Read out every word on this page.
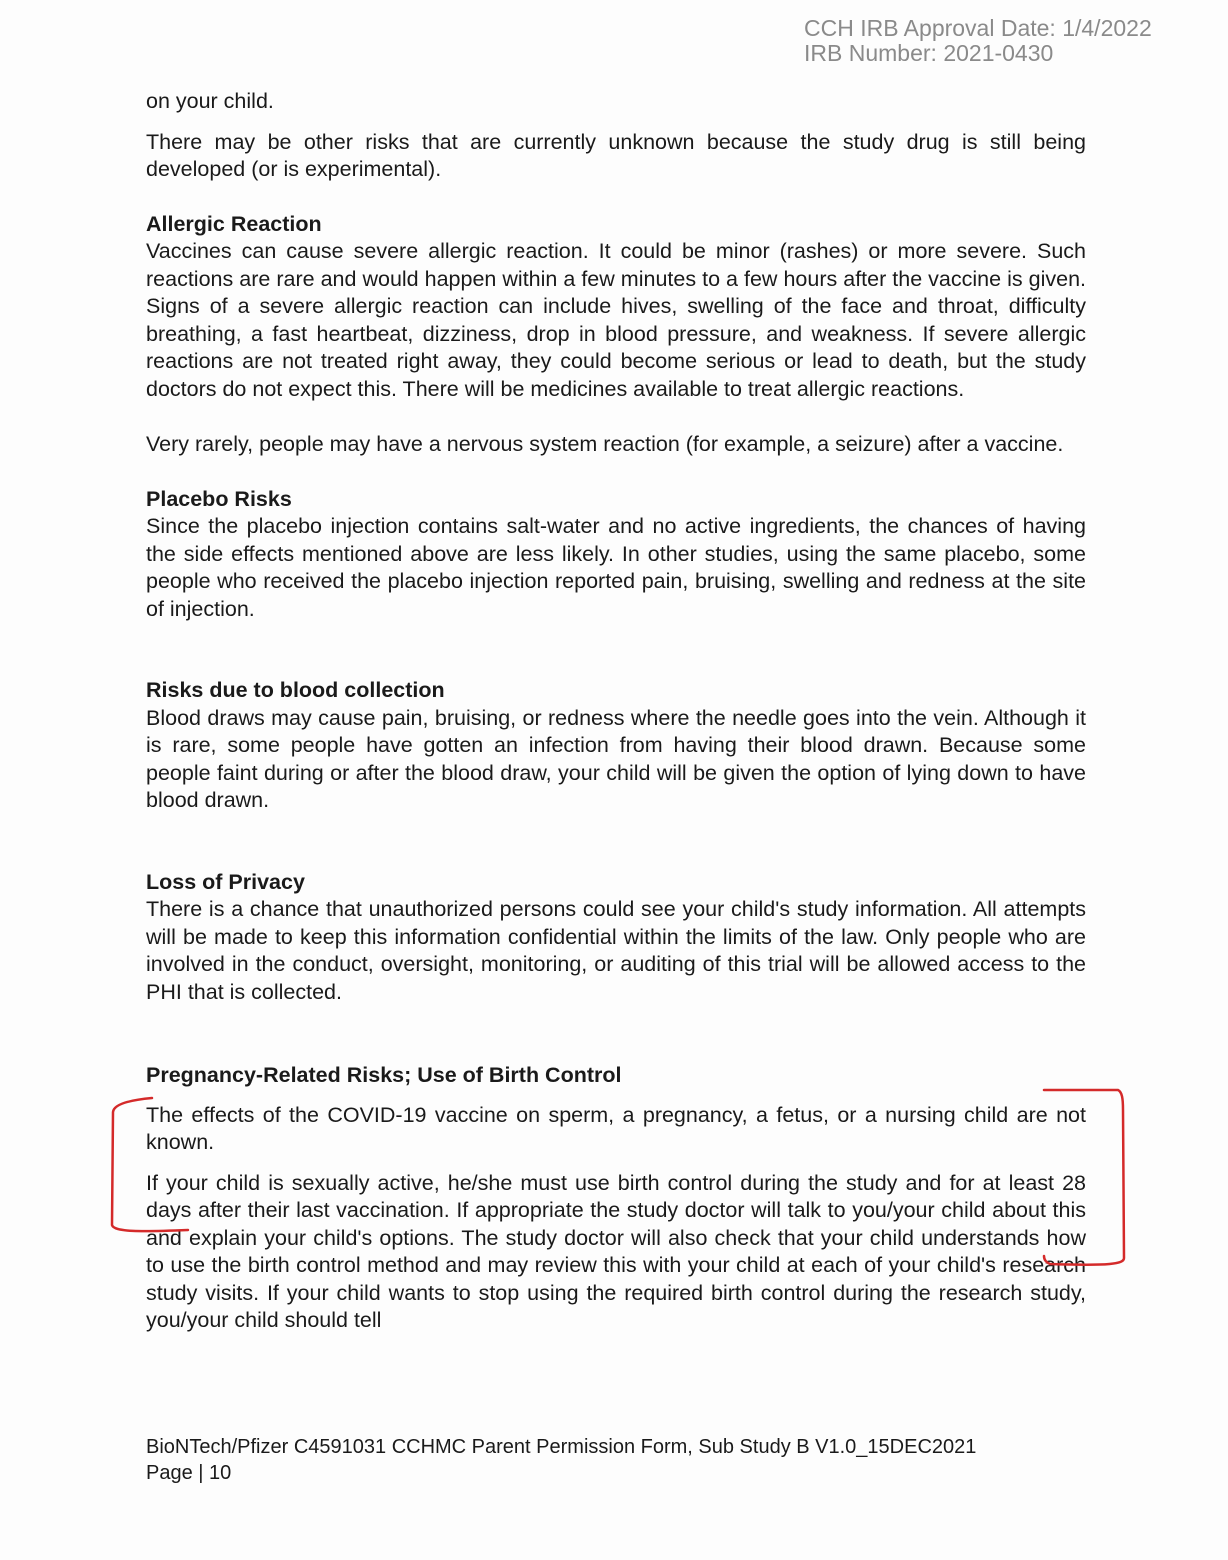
CCH IRB Approval Date: 1/4/2022
IRB Number: 2021-0430

on your child.

There may be other risks that are currently unknown because the study drug is still being developed (or is experimental).

Allergic Reaction

Vaccines can cause severe allergic reaction. It could be minor (rashes) or more severe. Such reactions are rare and would happen within a few minutes to a few hours after the vaccine is given. Signs of a severe allergic reaction can include hives, swelling of the face and throat, difficulty breathing, a fast heartbeat, dizziness, drop in blood pressure, and weakness. If severe allergic reactions are not treated right away, they could become serious or lead to death, but the study doctors do not expect this. There will be medicines available to treat allergic reactions.

Very rarely, people may have a nervous system reaction (for example, a seizure) after a vaccine.

Placebo Risks

Since the placebo injection contains salt-water and no active ingredients, the chances of having the side effects mentioned above are less likely. In other studies, using the same placebo, some people who received the placebo injection reported pain, bruising, swelling and redness at the site of injection.

Risks due to blood collection

Blood draws may cause pain, bruising, or redness where the needle goes into the vein. Although it is rare, some people have gotten an infection from having their blood drawn. Because some people faint during or after the blood draw, your child will be given the option of lying down to have blood drawn.

Loss of Privacy

There is a chance that unauthorized persons could see your child's study information. All attempts will be made to keep this information confidential within the limits of the law. Only people who are involved in the conduct, oversight, monitoring, or auditing of this trial will be allowed access to the PHI that is collected.

Pregnancy-Related Risks; Use of Birth Control

The effects of the COVID-19 vaccine on sperm, a pregnancy, a fetus, or a nursing child are not known.

If your child is sexually active, he/she must use birth control during the study and for at least 28 days after their last vaccination. If appropriate the study doctor will talk to you/your child about this and explain your child's options. The study doctor will also check that your child understands how to use the birth control method and may review this with your child at each of your child's research study visits. If your child wants to stop using the required birth control during the research study, you/your child should tell

BioNTech/Pfizer C4591031 CCHMC Parent Permission Form, Sub Study B V1.0_15DEC2021
Page | 10
